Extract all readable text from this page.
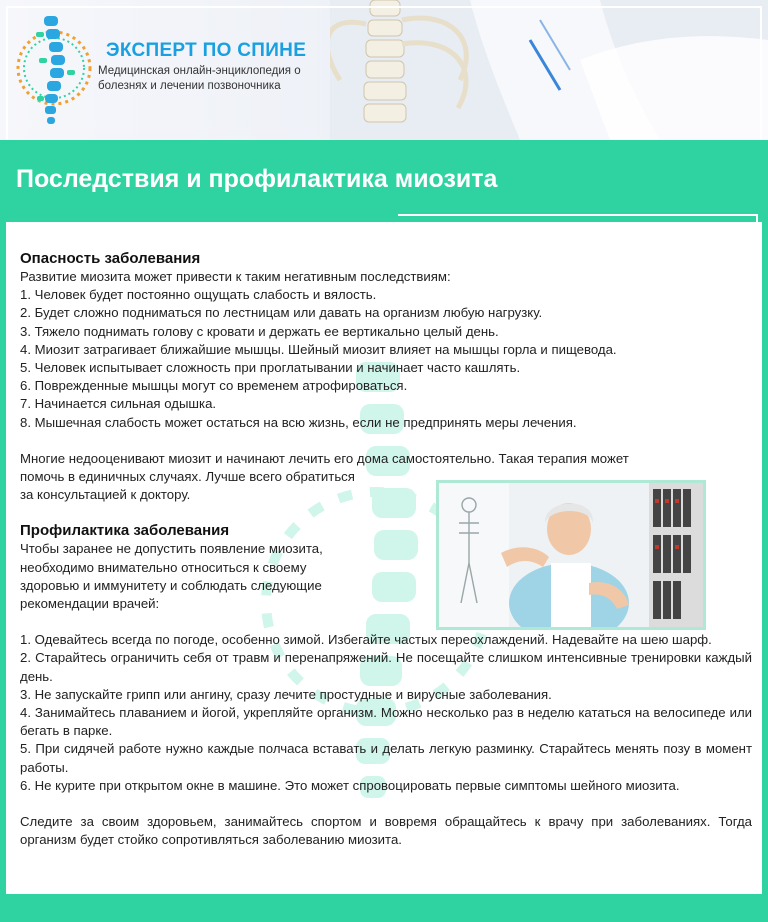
ЭКСПЕРТ ПО СПИНЕ
Медицинская онлайн-энциклопедия о болезнях и лечении позвоночника
Последствия и профилактика миозита
Опасность заболевания

Развитие миозита может привести к таким негативным последствиям:

1. Человек будет постоянно ощущать слабость и вялость.

2. Будет сложно подниматься по лестницам или давать на организм любую нагрузку.

3. Тяжело поднимать голову с кровати и держать ее вертикально целый день.

4. Миозит затрагивает ближайшие мышцы. Шейный миозит влияет на мышцы горла и пищевода.

5. Человек испытывает сложность при проглатывании и начинает часто кашлять.

6. Поврежденные мышцы могут со временем атрофироваться.

7. Начинается сильная одышка.

8. Мышечная слабость может остаться на всю жизнь, если не предпринять меры лечения.

Многие недооценивают миозит и начинают лечить его дома самостоятельно. Такая терапия может

помочь в единичных случаях. Лучше всего обратиться

за консультацией к доктору.

Профилактика заболевания

Чтобы заранее не допустить появление миозита,

необходимо внимательно относиться к своему

здоровью и иммунитету и соблюдать следующие

рекомендации врачей:

1. Одевайтесь всегда по погоде, особенно зимой. Избегайте частых переохлаждений. Надевайте на шею шарф.

2. Старайтесь ограничить себя от травм и перенапряжений. Не посещайте слишком интенсивные тренировки каждый день.

3. Не запускайте грипп или ангину, сразу лечите простудные и вирусные заболевания.

4. Занимайтесь плаванием и йогой, укрепляйте организм. Можно несколько раз в неделю кататься на велосипеде или бегать в парке.

5. При сидячей работе нужно каждые полчаса вставать и делать легкую разминку. Старайтесь менять позу в момент работы.

6. Не курите при открытом окне в машине. Это может спровоцировать первые симптомы шейного миозита.

Следите за своим здоровьем, занимайтесь спортом и вовремя обращайтесь к врачу при заболеваниях. Тогда организм будет стойко сопротивляться заболеванию миозита.
